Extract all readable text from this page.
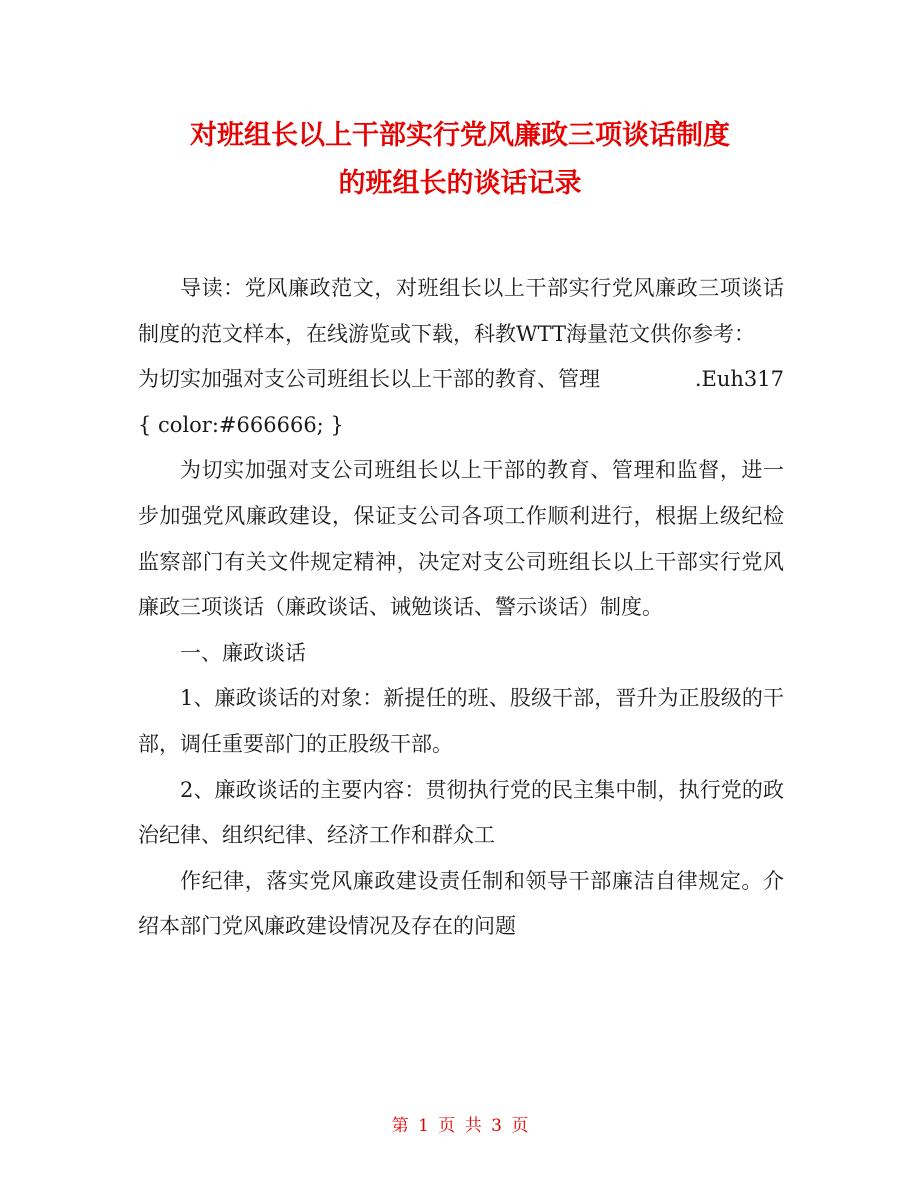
对班组长以上干部实行党风廉政三项谈话制度
的班组长的谈话记录

导读：党风廉政范文，对班组长以上干部实行党风廉政三项谈话制度的范文样本，在线游览或下载，科教WTT海量范文供你参考：

为切实加强对支公司班组长以上干部的教育、管理	.Euh317

{ color:#666666; }

为切实加强对支公司班组长以上干部的教育、管理和监督，进一步加强党风廉政建设，保证支公司各项工作顺利进行，根据上级纪检监察部门有关文件规定精神，决定对支公司班组长以上干部实行党风廉政三项谈话（廉政谈话、诫勉谈话、警示谈话）制度。

一、廉政谈话

1、廉政谈话的对象：新提任的班、股级干部，晋升为正股级的干部，调任重要部门的正股级干部。

2、廉政谈话的主要内容：贯彻执行党的民主集中制，执行党的政治纪律、组织纪律、经济工作和群众工

作纪律，落实党风廉政建设责任制和领导干部廉洁自律规定。介绍本部门党风廉政建设情况及存在的问题

第 1 页 共 3 页
